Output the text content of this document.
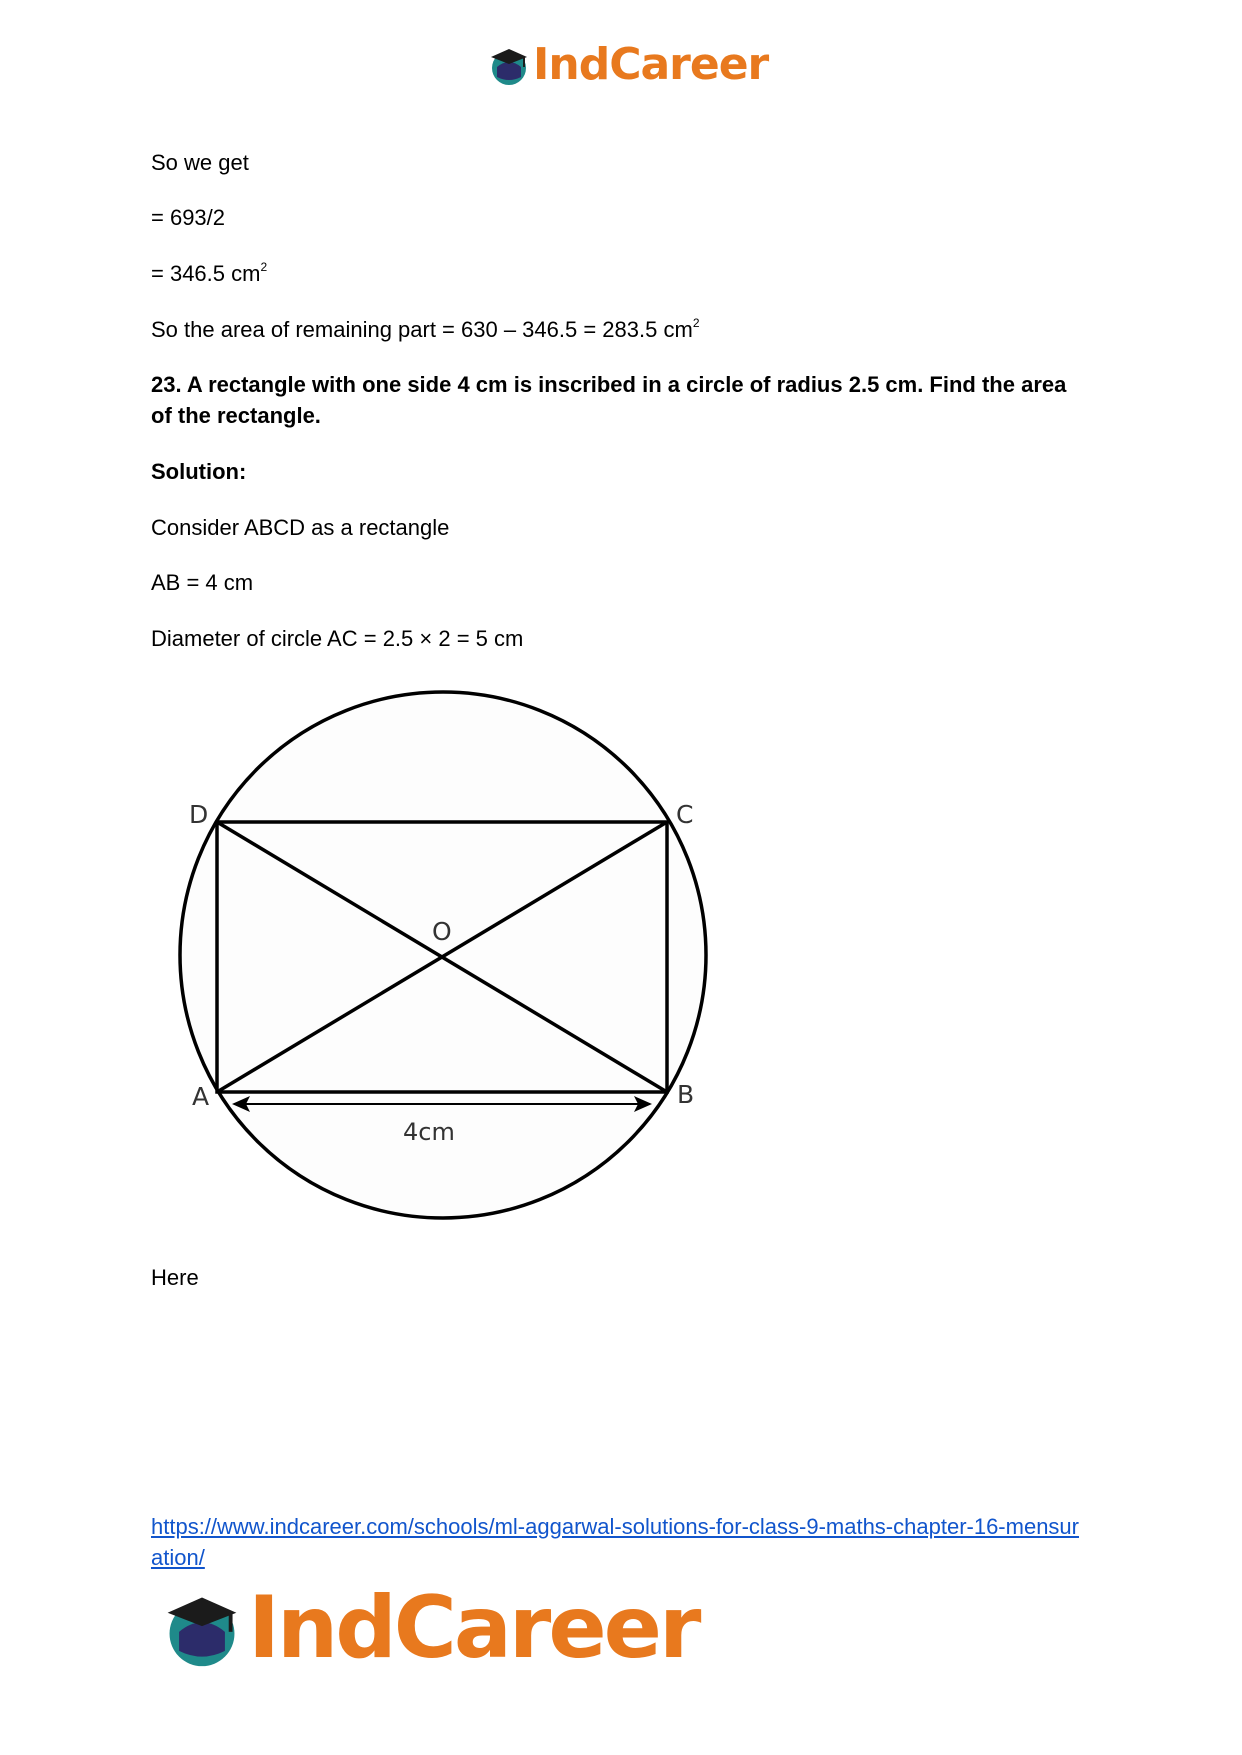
IndCareer
So we get
= 693/2
= 346.5 $cm^2$
So the area of remaining part = 630 – 346.5 = 283.5 $cm^2$
23. A rectangle with one side 4 cm is inscribed in a circle of radius 2.5 cm. Find the area of the rectangle.
Solution:
Consider ABCD as a rectangle
AB = 4 cm
Diameter of circle AC = 2.5 × 2 = 5 cm
D	C
O
A	B
4cm
Here
https://www.indcareer.com/schools/ml-aggarwal-solutions-for-class-9-maths-chapter-16-mensuration/
IndCareer
